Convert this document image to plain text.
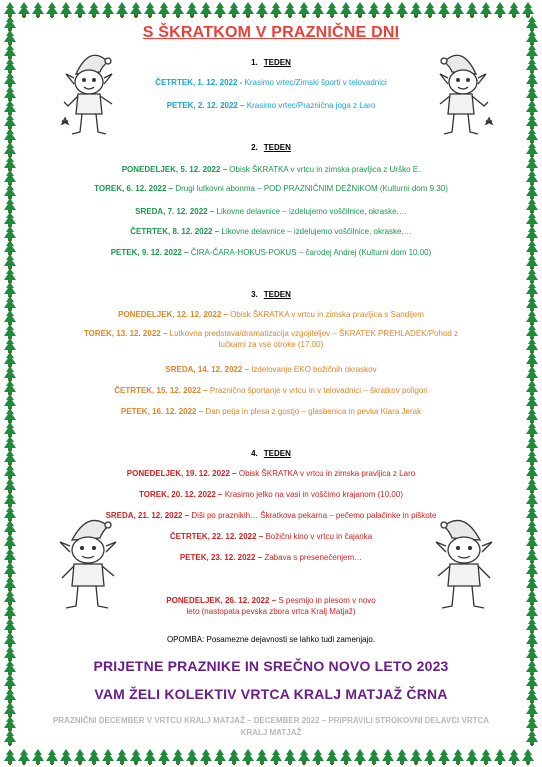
S ŠKRATKOM V PRAZNIČNE DNI
1. TEDEN
ČETRTEK, 1. 12. 2022 - Krasimo vrtec/Zimski športi v telovadnici
PETEK, 2. 12. 2022 – Krasimo vrtec/Praznična joga z Laro
2. TEDEN
PONEDELJEK, 5. 12. 2022 – Obisk ŠKRATKA v vrtcu in zimska pravljica z Urško E.
TOREK, 6. 12. 2022 – Drugi lutkovni abonma – POD PRAZNIČNIM DEŽNIKOM (Kulturni dom 9.30)
SREDA, 7. 12. 2022 – Likovne delavnice – izdelujemo voščilnice, okraske,…
ČETRTEK, 8. 12. 2022 – Likovne delavnice – izdelujemo voščilnice, okraske,…
PETEK, 9. 12. 2022 – ČIRA-ČARA-HOKUS-POKUS – čarodej Andrej (Kulturni dom 10.00)
3. TEDEN
PONEDELJEK, 12. 12. 2022 – Obisk ŠKRATKA v vrtcu in zimska pravljica s Sandijem
TOREK, 13. 12. 2022 – Lutkovna predstava/dramatizacija vzgojiteljev – ŠKRATEK PREHLADEK/Pohod z lučkami za vse otroke (17.00)
SREDA, 14. 12. 2022 – Izdelovanje EKO božičnih okraskov
ČETRTEK, 15. 12. 2022 – Praznično športanje v vrtcu in v telovadnici – škratkov poligon
PETEK, 16. 12. 2022 – Dan petja in plesa z gostjo – glasbenica in pevka Klara Jerak
4. TEDEN
PONEDELJEK, 19. 12. 2022 – Obisk ŠKRATKA v vrtcu in zimska pravljica z Laro
TOREK, 20. 12. 2022 – Krasimo jelko na vasi in voščimo krajanom (10.00)
SREDA, 21. 12. 2022 – Diši po praznikih… Škratkova pekarna – pečemo palačinke in piškote
ČETRTEK, 22. 12. 2022 – Božični kino v vrtcu in čajanka
PETEK, 23. 12. 2022 – Zabava s presenečenjem…
PONEDELJEK, 26. 12. 2022 – S pesmijo in plesom v novo leto (nastopata pevska zbora vrtca Kralj Matjaž)
OPOMBA: Posamezne dejavnosti se lahko tudi zamenjajo.
PRIJETNE PRAZNIKE IN SREČNO NOVO LETO 2023
VAM ŽELI KOLEKTIV VRTCA KRALJ MATJAŽ ČRNA
PRAZNIČNI DECEMBER V VRTCU KRALJ MATJAŽ – DECEMBER 2022 – PRIPRAVILI STROKOVNI DELAVCI VRTCA KRALJ MATJAŽ
